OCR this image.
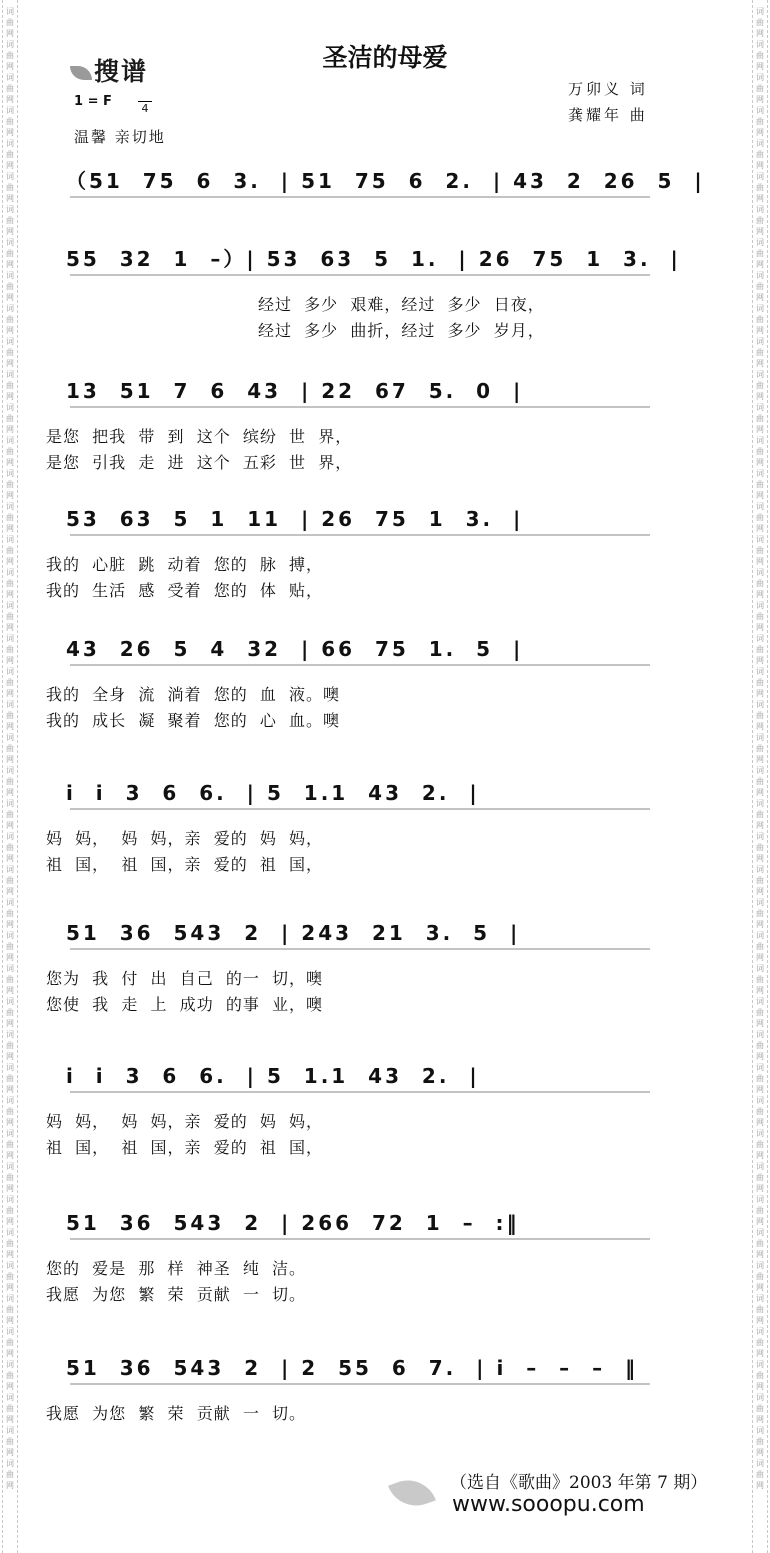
词曲网词曲网词曲网词曲网词曲网词曲网词曲网词曲网词曲网词曲网词曲网词曲网词曲网词曲网词曲网词曲网词曲网词曲网词曲网词曲网词曲网词曲网词曲网词曲网词曲网词曲网词曲网词曲网词曲网词曲网词曲网词曲网词曲网词曲网词曲网词曲网词曲网词曲网词曲网词曲网词曲网词曲网词曲网词曲网词曲网
词曲网词曲网词曲网词曲网词曲网词曲网词曲网词曲网词曲网词曲网词曲网词曲网词曲网词曲网词曲网词曲网词曲网词曲网词曲网词曲网词曲网词曲网词曲网词曲网词曲网词曲网词曲网词曲网词曲网词曲网词曲网词曲网词曲网词曲网词曲网词曲网词曲网词曲网词曲网词曲网词曲网词曲网词曲网词曲网词曲网
搜谱	圣洁的母爱
1 = F	4
温馨 亲切地
万卯义 词
龚耀年 曲
（51  75  6  3.  | 51  75  6  2.  | 43  2  26  5  |
55  32  1  –）| 53  63  5  1.  | 26  75  1  3.  |
经过  多少  艰难，经过  多少  日夜，
经过  多少  曲折，经过  多少  岁月，
13  51  7  6  43  | 22  67  5.  0  |
是您  把我  带  到  这个  缤纷  世  界，
是您  引我  走  进  这个  五彩  世  界，
53  63  5  1  11  | 26  75  1  3.  |
我的  心脏  跳  动着  您的  脉  搏，
我的  生活  感  受着  您的  体  贴，
43  26  5  4  32  | 66  75  1.  5  |
我的  全身  流  淌着  您的  血  液。噢
我的  成长  凝  聚着  您的  心  血。噢
i  i  3  6  6.  | 5  1.1  43  2.  |
妈  妈，  妈  妈，亲  爱的  妈  妈，
祖  国，  祖  国，亲  爱的  祖  国，
51  36  543  2  | 243  21  3.  5  |
您为  我  付  出  自己  的一  切，噢
您使  我  走  上  成功  的事  业，噢
i  i  3  6  6.  | 5  1.1  43  2.  |
妈  妈，  妈  妈，亲  爱的  妈  妈，
祖  国，  祖  国，亲  爱的  祖  国，
51  36  543  2  | 266  72  1  –  :‖
您的  爱是  那  样  神圣  纯  洁。
我愿  为您  繁  荣  贡献  一  切。
51  36  543  2  | 2  55  6  7.  | i  –  –  –  ‖
我愿  为您  繁  荣  贡献  一  切。
（选自《歌曲》2003 年第 7 期）
www.sooopu.com
